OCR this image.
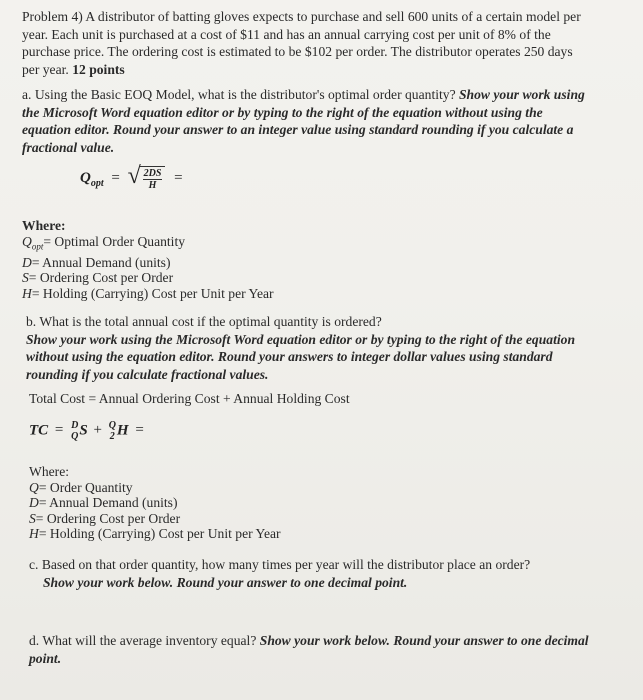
Problem 4) A distributor of batting gloves expects to purchase and sell 600 units of a certain model per

year. Each unit is purchased at a cost of $11 and has an annual carrying cost per unit of 8% of the

purchase price. The ordering cost is estimated to be $102 per order. The distributor operates 250 days

per year. 12 points

a. Using the Basic EOQ Model, what is the distributor's optimal order quantity? Show your work using

the Microsoft Word equation editor or by typing to the right of the equation without using the

equation editor. Round your answer to an integer value using standard rounding if you calculate a

fractional value.

$Q_{opt}$ = √ $\frac{2DS}{H}$ =

Where:

$Q_{opt}=$ Optimal Order Quantity

D= Annual Demand (units)

S= Ordering Cost per Order

H= Holding (Carrying) Cost per Unit per Year

b. What is the total annual cost if the optimal quantity is ordered?

Show your work using the Microsoft Word equation editor or by typing to the right of the equation

without using the equation editor. Round your answers to integer dollar values using standard

rounding if you calculate fractional values.

Total Cost = Annual Ordering Cost + Annual Holding Cost

TC = D
Q S + Q
2 H =

Where:

Q= Order Quantity

D= Annual Demand (units)

S= Ordering Cost per Order

H= Holding (Carrying) Cost per Unit per Year

c. Based on that order quantity, how many times per year will the distributor place an order?

Show your work below. Round your answer to one decimal point.

d. What will the average inventory equal? Show your work below. Round your answer to one decimal

point.
